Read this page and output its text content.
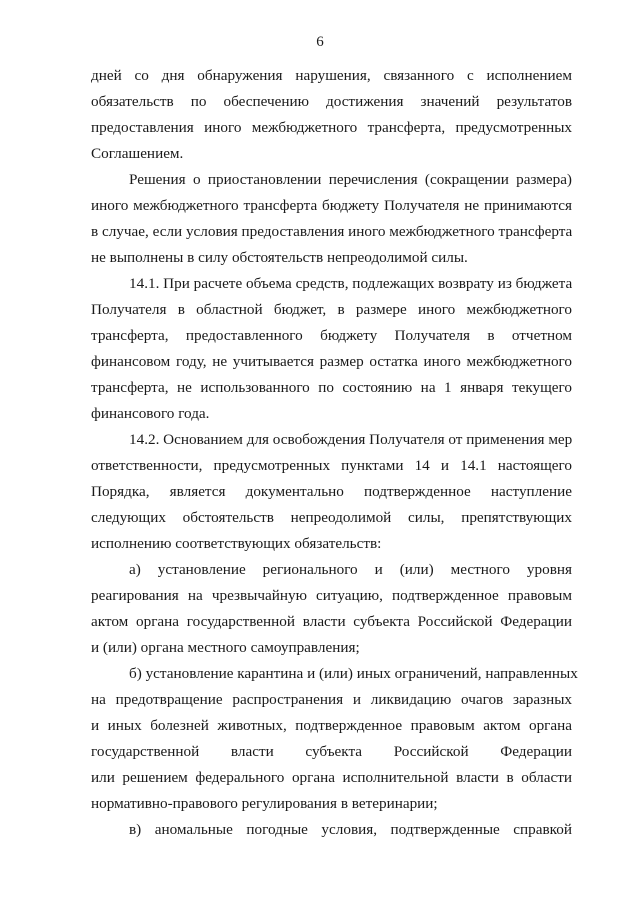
6
дней со дня обнаружения нарушения, связанного с исполнением
обязательств по обеспечению достижения значений результатов
предоставления иного межбюджетного трансферта, предусмотренных
Соглашением.
Решения о приостановлении перечисления (сокращении размера)
иного межбюджетного трансферта бюджету Получателя не принимаются
в случае, если условия предоставления иного межбюджетного трансферта
не выполнены в силу обстоятельств непреодолимой силы.
14.1. При расчете объема средств, подлежащих возврату из бюджета
Получателя в областной бюджет, в размере иного межбюджетного
трансферта, предоставленного бюджету Получателя в отчетном
финансовом году, не учитывается размер остатка иного межбюджетного
трансферта, не использованного по состоянию на 1 января текущего
финансового года.
14.2. Основанием для освобождения Получателя от применения мер
ответственности, предусмотренных пунктами 14 и 14.1 настоящего
Порядка, является документально подтвержденное наступление
следующих обстоятельств непреодолимой силы, препятствующих
исполнению соответствующих обязательств:
а) установление регионального и (или) местного уровня
реагирования на чрезвычайную ситуацию, подтвержденное правовым
актом органа государственной власти субъекта Российской Федерации
и (или) органа местного самоуправления;
б) установление карантина и (или) иных ограничений, направленных
на предотвращение распространения и ликвидацию очагов заразных
и иных болезней животных, подтвержденное правовым актом органа
государственной власти субъекта Российской Федерации
или решением федерального органа исполнительной власти в области
нормативно-правового регулирования в ветеринарии;
в) аномальные погодные условия, подтвержденные справкой
